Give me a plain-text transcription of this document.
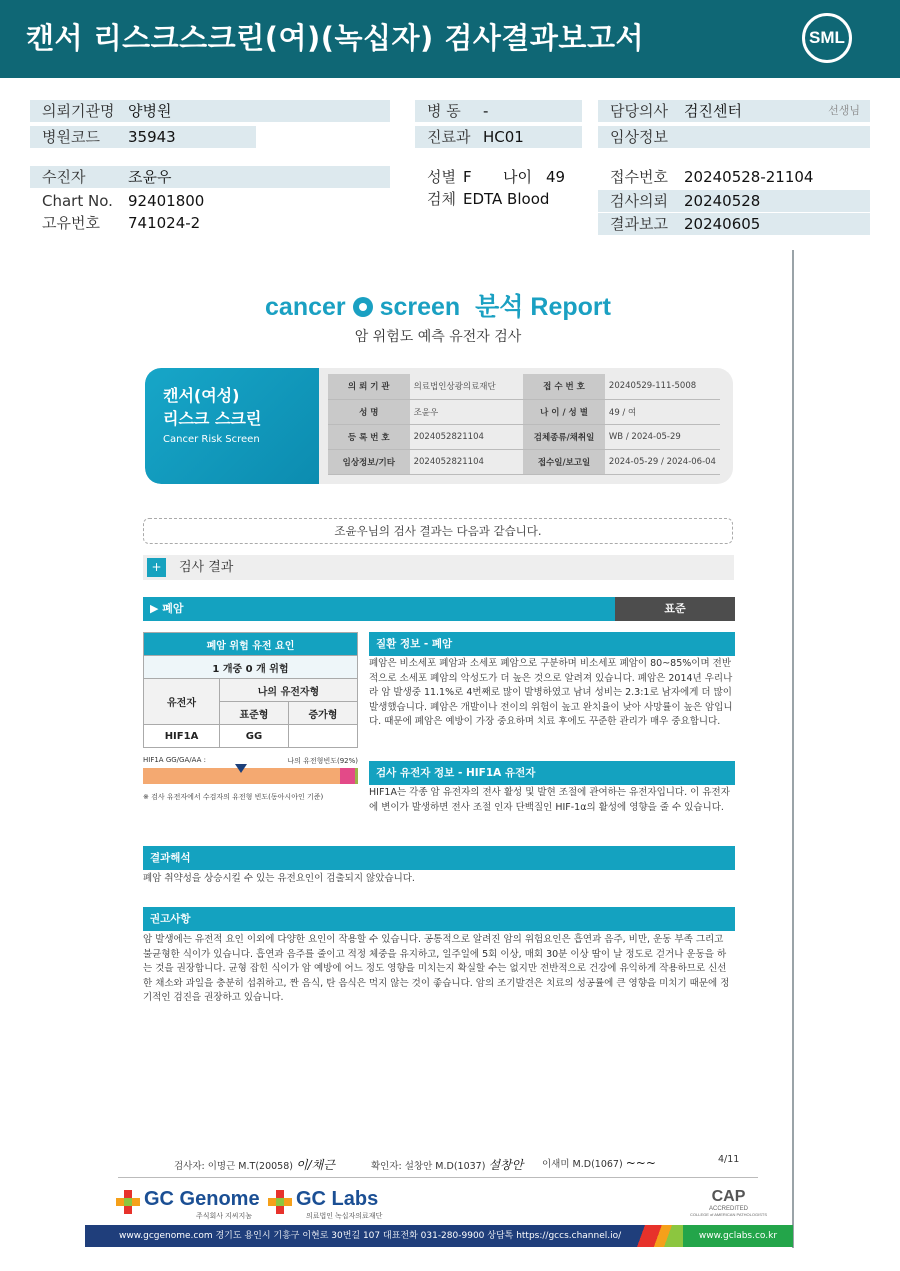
캔서 리스크스크린(여)(녹십자) 검사결과보고서	SML
의뢰기관명 양병원
병원코드 35943
병 동 -
진료과 HC01
담당의사 검진센터	선생님
임상정보
수진자	조윤우
Chart No. 92401800
고유번호 741024-2
성별 F 나이 49
검체 EDTA Blood
접수번호 20240528-21104
검사의뢰 20240528
결과보고 20240605
cancer screen 분석 Report
암 위험도 예측 유전자 검사
캔서(여성)
리스크 스크린
Cancer Risk Screen
의 뢰 기 관	의료법인상광의료재단	접 수 번 호	20240529-111-5008
성 명	조윤우	나 이 / 성 별	49 / 여
등 록 번 호	2024052821104	검체종류/채취일	WB / 2024-05-29
임상정보/기타	2024052821104	접수일/보고일	2024-05-29 / 2024-06-04
조윤우님의 검사 결과는 다음과 같습니다.
+	검사 결과
▶ 폐암	표준
폐암 위험 유전 요인		
1 개중 0 개 위험		
유전자	나의 유전자형	
	표준형	증가형
HIF1A	GG	
HIF1A GG/GA/AA :	나의 유전형빈도(92%)
※ 검사 유전자에서 수검자의 유전형 빈도(동아시아인 기준)
질환 정보 - 폐암
폐암은 비소세포 폐암과 소세포 폐암으로 구분하며 비소세포 폐암이 80~85%이며 전반적으로 소세포 폐암의 악성도가 더 높은 것으로 알려져 있습니다. 폐암은 2014년 우리나라 암 발생중 11.1%로 4번째로 많이 발병하였고 남녀 성비는 2.3:1로 남자에게 더 많이 발생했습니다. 폐암은 개발이나 전이의 위험이 높고 완치율이 낮아 사망률이 높은 암입니다. 때문에 폐암은 예방이 가장 중요하며 치료 후에도 꾸준한 관리가 매우 중요합니다.
검사 유전자 정보 - HIF1A 유전자
HIF1A는 각종 암 유전자의 전사 활성 및 발현 조절에 관여하는 유전자입니다. 이 유전자에 변이가 발생하면 전사 조절 인자 단백질인 HIF-1α의 활성에 영향을 줄 수 있습니다.
결과해석
폐암 취약성을 상승시킬 수 있는 유전요인이 검출되지 않았습니다.
권고사항
암 발생에는 유전적 요인 이외에 다양한 요인이 작용할 수 있습니다. 공통적으로 알려진 암의 위험요인은 흡연과 음주, 비만, 운동 부족 그리고 불균형한 식이가 있습니다. 흡연과 음주를 줄이고 적정 체중을 유지하고, 일주일에 5회 이상, 매회 30분 이상 땀이 날 정도로 걷거나 운동을 하는 것을 권장합니다. 균형 잡힌 식이가 암 예방에 어느 정도 영향을 미치는지 확실할 수는 없지만 전반적으로 건강에 유익하게 작용하므로 신선한 채소와 과일을 충분히 섭취하고, 짠 음식, 탄 음식은 먹지 않는 것이 좋습니다. 암의 조기발견은 치료의 성공률에 큰 영향을 미치기 때문에 정기적인 검진을 권장하고 있습니다.
검사자: 이명근 M.T(20058) 이/채근	확인자: 설창안 M.D(1037) 설창안 이새미 M.D(1067) ~~~	4/11
GC Genome
주식회사 지씨지놈
GC Labs
의료법인 녹십자의료재단
CAP
ACCREDITED
COLLEGE of AMERICAN PATHOLOGISTS
www.gcgenome.com 경기도 용인시 기흥구 이현로 30번길 107 대표전화 031-280-9900 상담톡 https://gccs.channel.io/	www.gclabs.co.kr
